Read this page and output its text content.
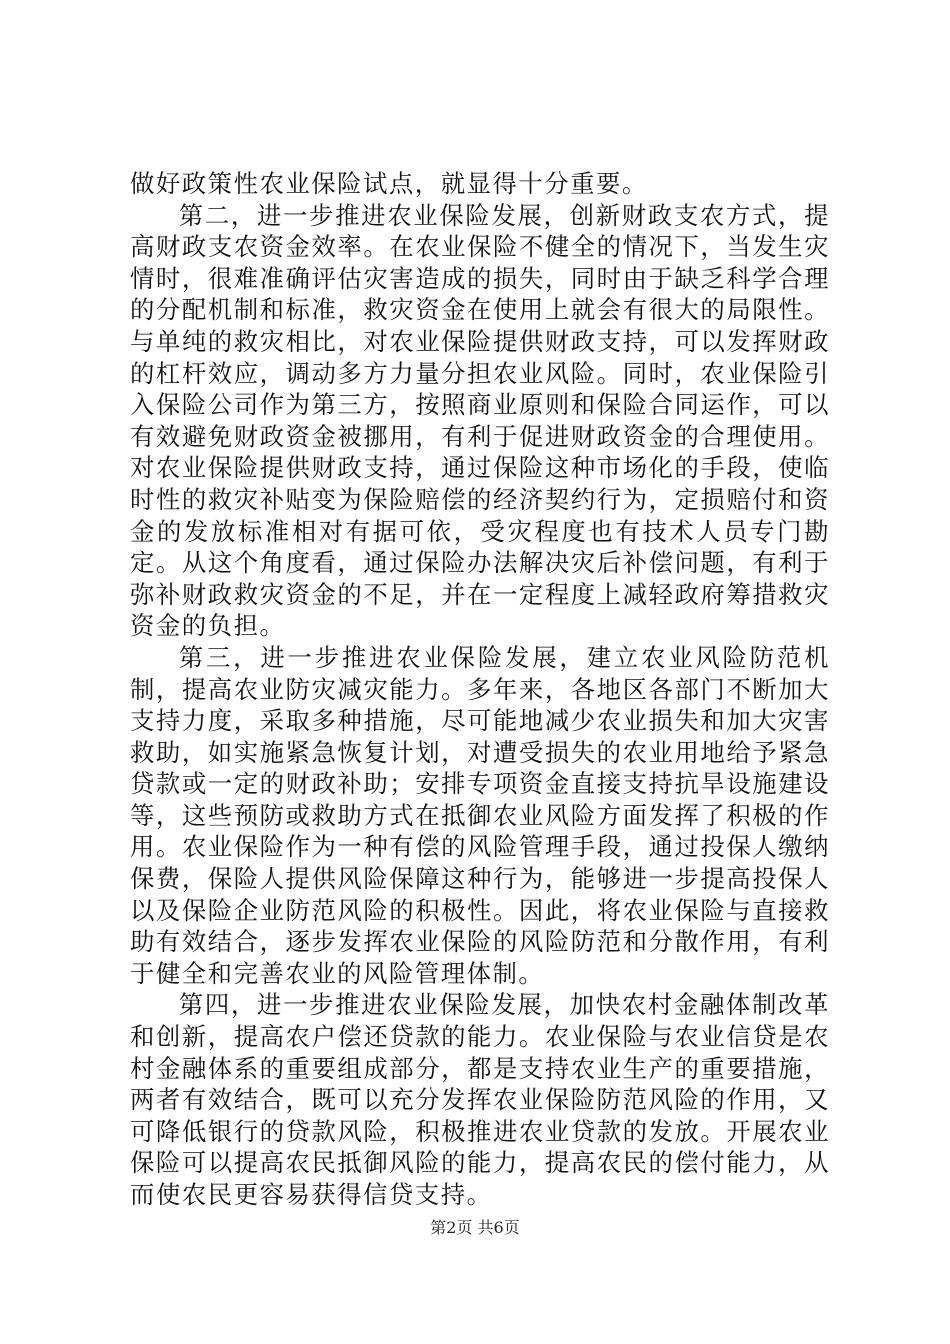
做好政策性农业保险试点，就显得十分重要。

第二，进一步推进农业保险发展，创新财政支农方式，提高财政支农资金效率。在农业保险不健全的情况下，当发生灾情时，很难准确评估灾害造成的损失，同时由于缺乏科学合理的分配机制和标准，救灾资金在使用上就会有很大的局限性。与单纯的救灾相比，对农业保险提供财政支持，可以发挥财政的杠杆效应，调动多方力量分担农业风险。同时，农业保险引入保险公司作为第三方，按照商业原则和保险合同运作，可以有效避免财政资金被挪用，有利于促进财政资金的合理使用。对农业保险提供财政支持，通过保险这种市场化的手段，使临时性的救灾补贴变为保险赔偿的经济契约行为，定损赔付和资金的发放标准相对有据可依，受灾程度也有技术人员专门勘定。从这个角度看，通过保险办法解决灾后补偿问题，有利于弥补财政救灾资金的不足，并在一定程度上减轻政府筹措救灾资金的负担。

第三，进一步推进农业保险发展，建立农业风险防范机制，提高农业防灾减灾能力。多年来，各地区各部门不断加大支持力度，采取多种措施，尽可能地减少农业损失和加大灾害救助，如实施紧急恢复计划，对遭受损失的农业用地给予紧急贷款或一定的财政补助；安排专项资金直接支持抗旱设施建设等，这些预防或救助方式在抵御农业风险方面发挥了积极的作用。农业保险作为一种有偿的风险管理手段，通过投保人缴纳保费，保险人提供风险保障这种行为，能够进一步提高投保人以及保险企业防范风险的积极性。因此，将农业保险与直接救助有效结合，逐步发挥农业保险的风险防范和分散作用，有利于健全和完善农业的风险管理体制。

第四，进一步推进农业保险发展，加快农村金融体制改革和创新，提高农户偿还贷款的能力。农业保险与农业信贷是农村金融体系的重要组成部分，都是支持农业生产的重要措施，两者有效结合，既可以充分发挥农业保险防范风险的作用，又可降低银行的贷款风险，积极推进农业贷款的发放。开展农业保险可以提高农民抵御风险的能力，提高农民的偿付能力，从而使农民更容易获得信贷支持。

第2页 共6页
